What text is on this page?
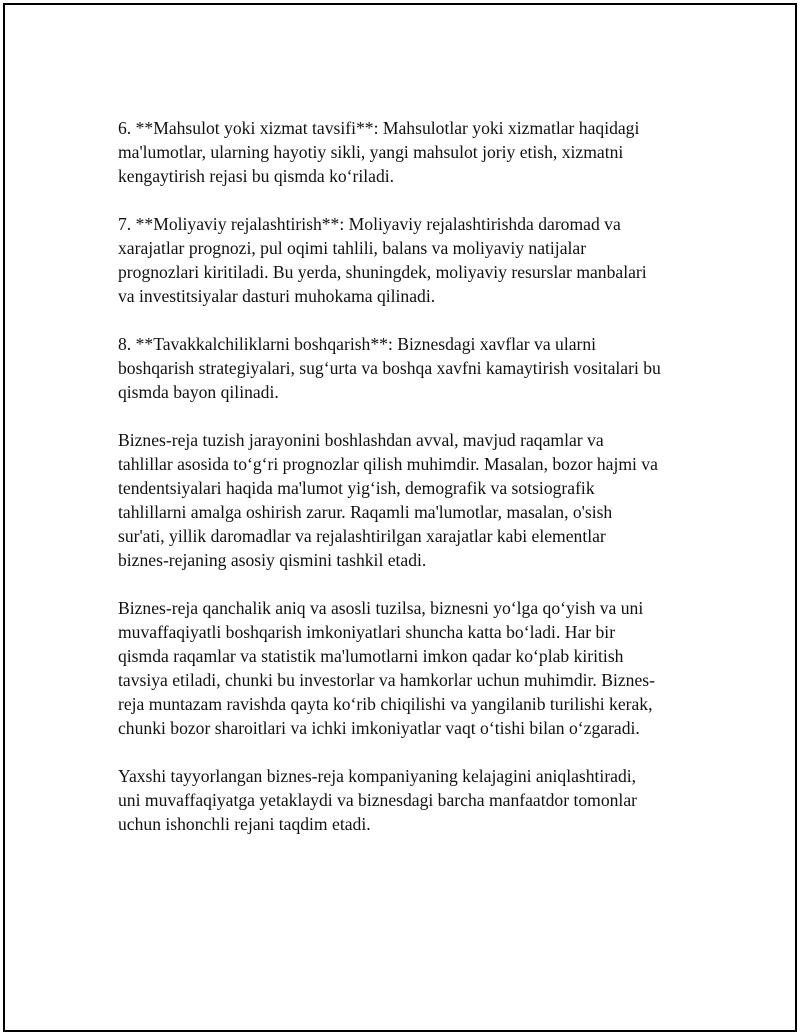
6. **Mahsulot yoki xizmat tavsifi**: Mahsulotlar yoki xizmatlar haqidagi
ma'lumotlar, ularning hayotiy sikli, yangi mahsulot joriy etish, xizmatni
kengaytirish rejasi bu qismda ko‘riladi.

7. **Moliyaviy rejalashtirish**: Moliyaviy rejalashtirishda daromad va
xarajatlar prognozi, pul oqimi tahlili, balans va moliyaviy natijalar
prognozlari kiritiladi. Bu yerda, shuningdek, moliyaviy resurslar manbalari
va investitsiyalar dasturi muhokama qilinadi.

8. **Tavakkalchiliklarni boshqarish**: Biznesdagi xavflar va ularni
boshqarish strategiyalari, sug‘urta va boshqa xavfni kamaytirish vositalari bu
qismda bayon qilinadi.

Biznes-reja tuzish jarayonini boshlashdan avval, mavjud raqamlar va
tahlillar asosida to‘g‘ri prognozlar qilish muhimdir. Masalan, bozor hajmi va
tendentsiyalari haqida ma'lumot yig‘ish, demografik va sotsiografik
tahlillarni amalga oshirish zarur. Raqamli ma'lumotlar, masalan, o'sish
sur'ati, yillik daromadlar va rejalashtirilgan xarajatlar kabi elementlar
biznes-rejaning asosiy qismini tashkil etadi.

Biznes-reja qanchalik aniq va asosli tuzilsa, biznesni yo‘lga qo‘yish va uni
muvaffaqiyatli boshqarish imkoniyatlari shuncha katta bo‘ladi. Har bir
qismda raqamlar va statistik ma'lumotlarni imkon qadar ko‘plab kiritish
tavsiya etiladi, chunki bu investorlar va hamkorlar uchun muhimdir. Biznes-
reja muntazam ravishda qayta ko‘rib chiqilishi va yangilanib turilishi kerak,
chunki bozor sharoitlari va ichki imkoniyatlar vaqt o‘tishi bilan o‘zgaradi.

Yaxshi tayyorlangan biznes-reja kompaniyaning kelajagini aniqlashtiradi,
uni muvaffaqiyatga yetaklaydi va biznesdagi barcha manfaatdor tomonlar
uchun ishonchli rejani taqdim etadi.
